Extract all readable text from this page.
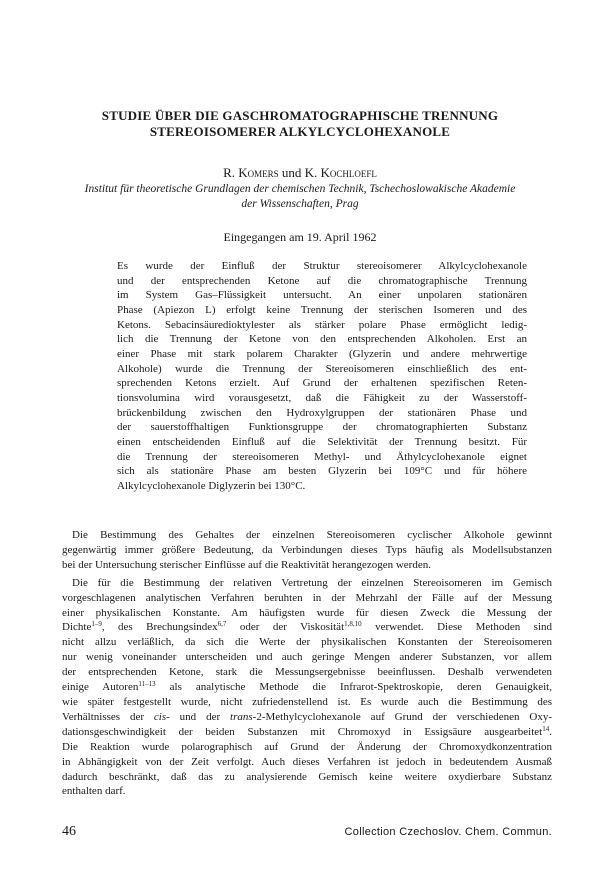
STUDIE ÜBER DIE GASCHROMATOGRAPHISCHE TRENNUNG
STEREOISOMERER ALKYLCYCLOHEXANOLE
R. Komers und K. Kochloefl
Institut für theoretische Grundlagen der chemischen Technik, Tschechoslowakische Akademie
der Wissenschaften, Prag
Eingegangen am 19. April 1962
Es wurde der Einfluß der Struktur stereoisomerer Alkylcyclohexanole
und der entsprechenden Ketone auf die chromatographische Trennung
im System Gas–Flüssigkeit untersucht. An einer unpolaren stationären
Phase (Apiezon L) erfolgt keine Trennung der sterischen Isomeren und des
Ketons. Sebacinsäuredioktylester als stärker polare Phase ermöglicht ledig-
lich die Trennung der Ketone von den entsprechenden Alkoholen. Erst an
einer Phase mit stark polarem Charakter (Glyzerin und andere mehrwertige
Alkohole) wurde die Trennung der Stereoisomeren einschließlich des ent-
sprechenden Ketons erzielt. Auf Grund der erhaltenen spezifischen Reten-
tionsvolumina wird vorausgesetzt, daß die Fähigkeit zu der Wasserstoff-
brückenbildung zwischen den Hydroxylgruppen der stationären Phase und
der sauerstoffhaltigen Funktionsgruppe der chromatographierten Substanz
einen entscheidenden Einfluß auf die Selektivität der Trennung besitzt. Für
die Trennung der stereoisomeren Methyl- und Äthylcyclohexanole eignet
sich als stationäre Phase am besten Glyzerin bei 109°C und für höhere
Alkylcyclohexanole Diglyzerin bei 130°C.
Die Bestimmung des Gehaltes der einzelnen Stereoisomeren cyclischer Alkohole gewinnt
gegenwärtig immer größere Bedeutung, da Verbindungen dieses Typs häufig als Modellsubstanzen
bei der Untersuchung sterischer Einflüsse auf die Reaktivität herangezogen werden.
Die für die Bestimmung der relativen Vertretung der einzelnen Stereoisomeren im Gemisch
vorgeschlagenen analytischen Verfahren beruhten in der Mehrzahl der Fälle auf der Messung
einer physikalischen Konstante. Am häufigsten wurde für diesen Zweck die Messung der
Dichte$^{1-9}$, des Brechungsindex$^{6,7}$ oder der Viskosität$^{1,8,10}$ verwendet. Diese Methoden sind
nicht allzu verläßlich, da sich die Werte der physikalischen Konstanten der Stereoisomeren
nur wenig voneinander unterscheiden und auch geringe Mengen anderer Substanzen, vor allem
der entsprechenden Ketone, stark die Messungsergebnisse beeinflussen. Deshalb verwendeten
einige Autoren$^{11-13}$ als analytische Methode die Infrarot-Spektroskopie, deren Genauigkeit,
wie später festgestellt wurde, nicht zufriedenstellend ist. Es wurde auch die Bestimmung des
Verhältnisses der cis- und der trans-2-Methylcyclohexanole auf Grund der verschiedenen Oxy-
dationsgeschwindigkeit der beiden Substanzen mit Chromoxyd in Essigsäure ausgearbeitet$^{14}$.
Die Reaktion wurde polarographisch auf Grund der Änderung der Chromoxydkonzentration
in Abhängigkeit von der Zeit verfolgt. Auch dieses Verfahren ist jedoch in bedeutendem Ausmaß
dadurch beschränkt, daß das zu analysierende Gemisch keine weitere oxydierbare Substanz
enthalten darf.
46	Collection Czechoslov. Chem. Commun.
